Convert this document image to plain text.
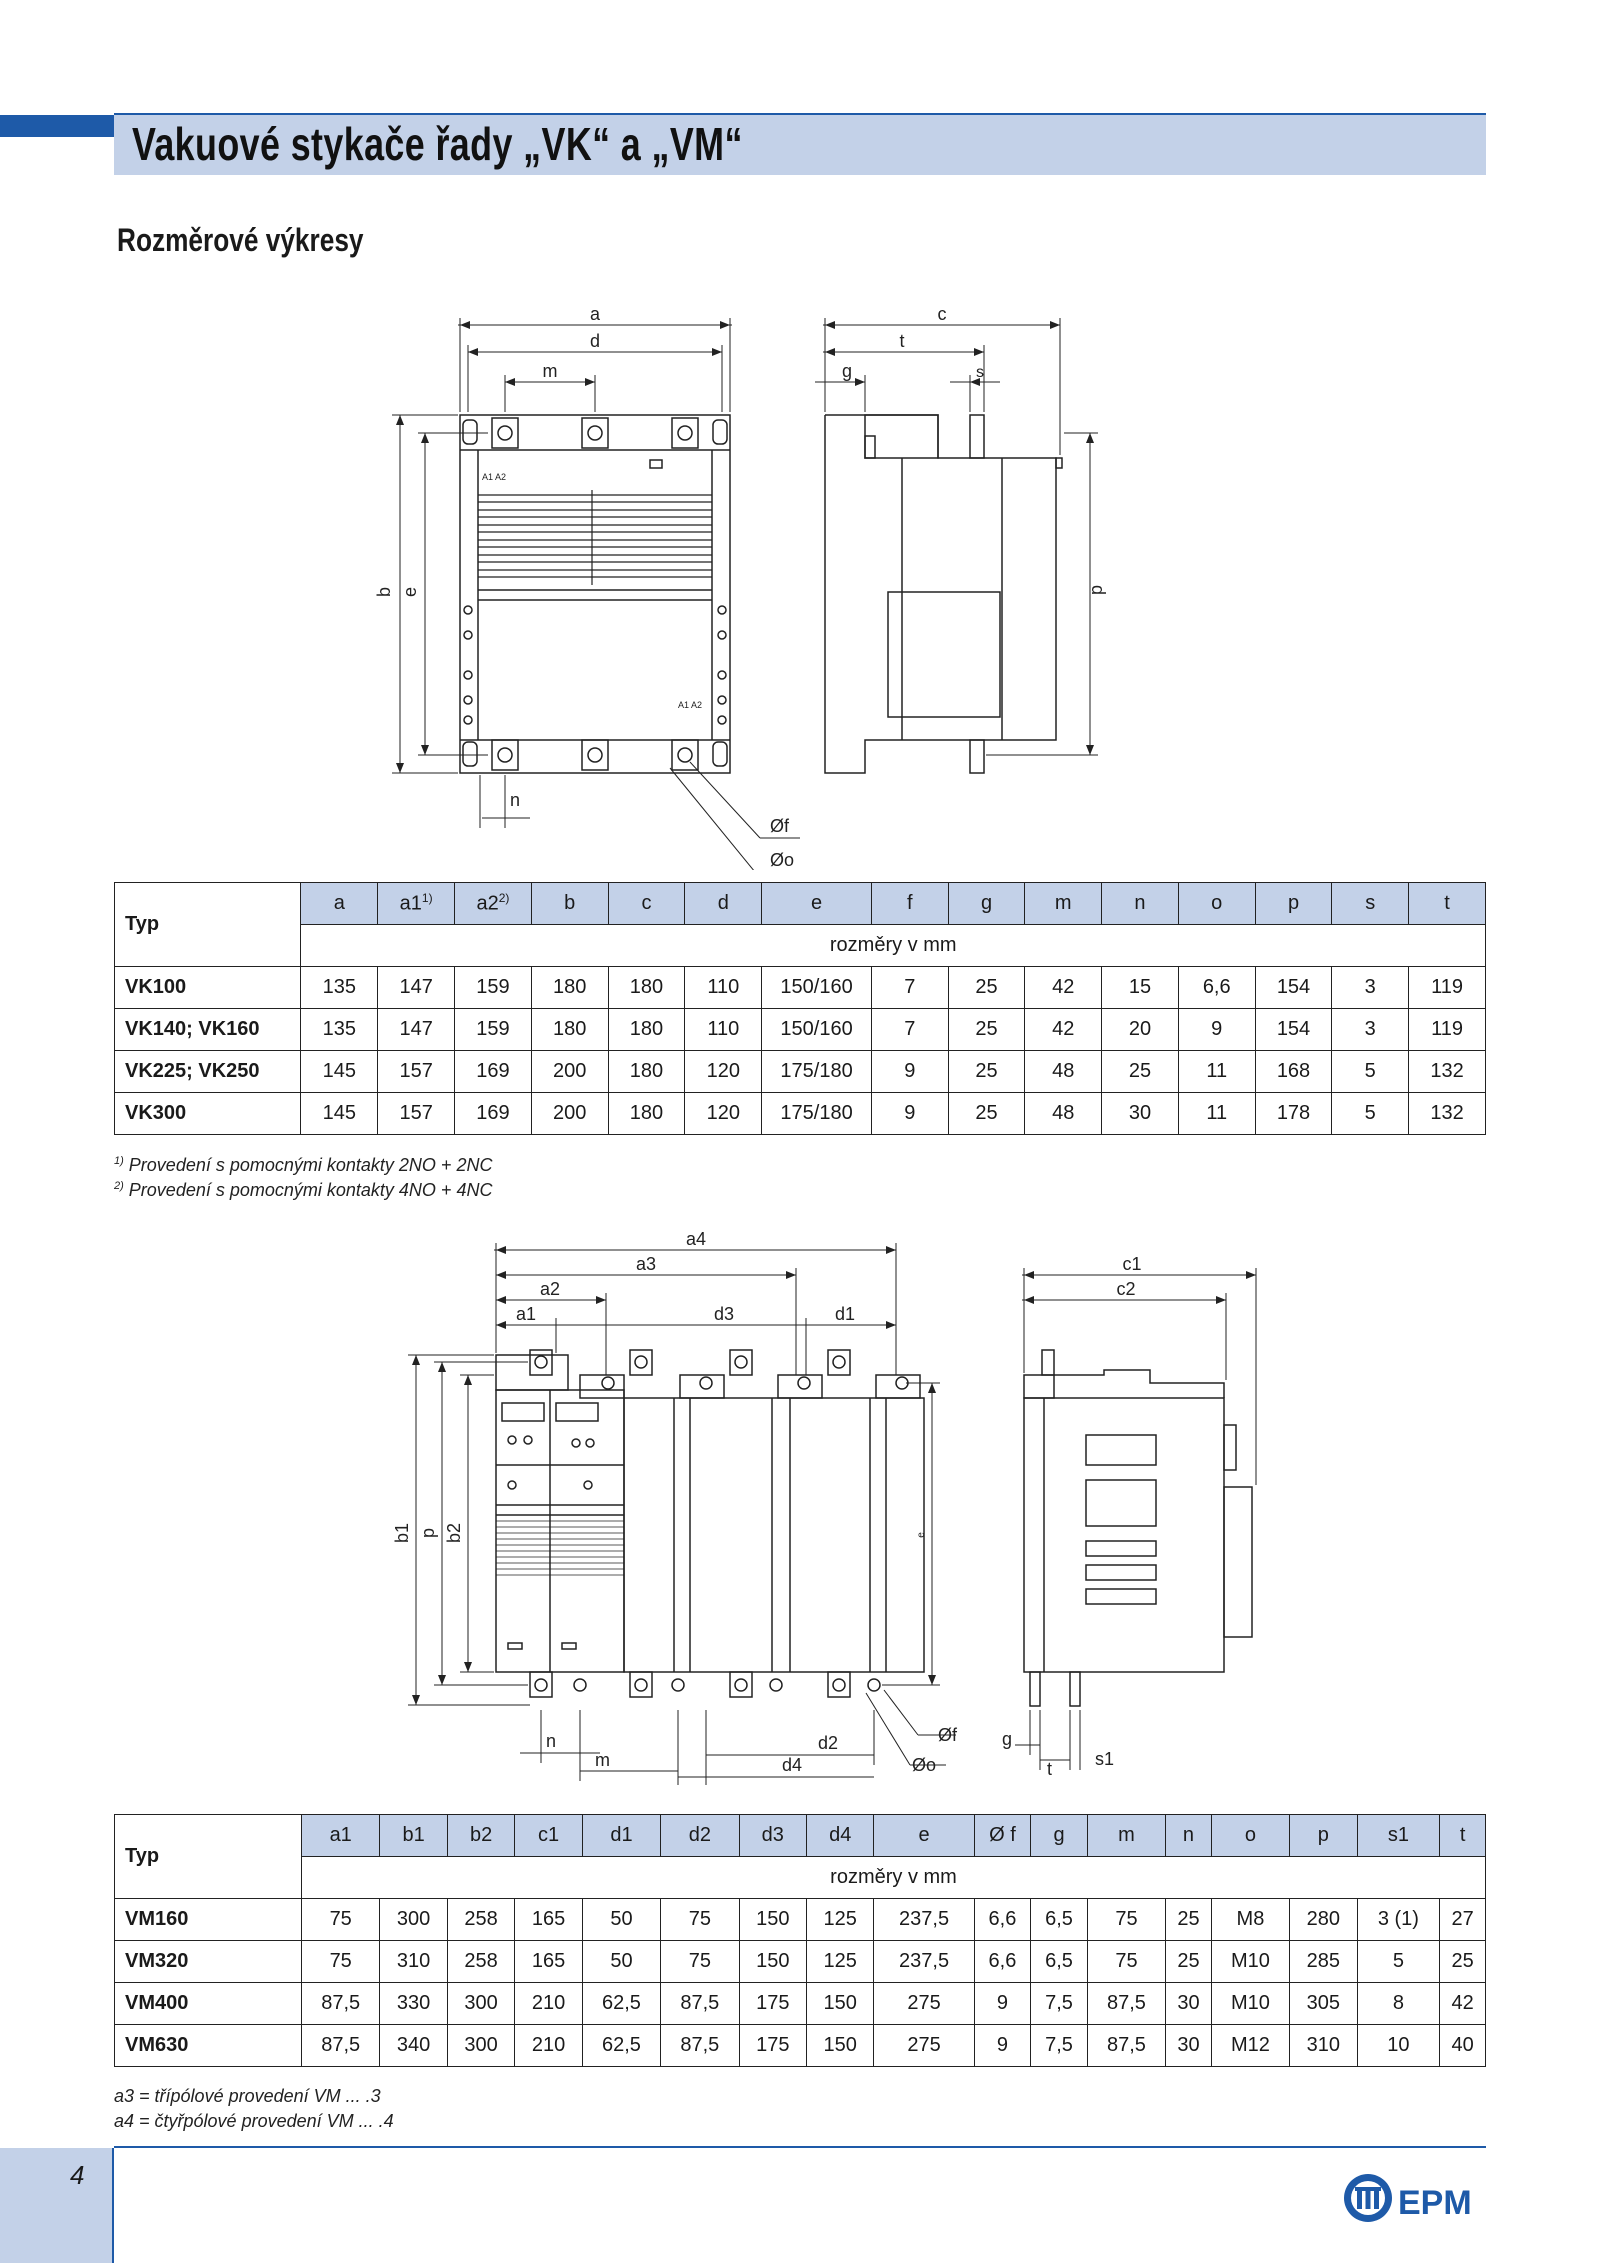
Vakuové stykače řady „VK“ a „VM“
Rozměrové výkresy
a
d
m
b e
n
Øf
Øo
A1 A2
A1 A2
c
t
g	s
p
Typ	a	a1$^{1)}$	a2$^{2)}$	b	c	d	e	f	g	m	n	o	p	s	t
	rozměry v mm														
VK100	135	147	159	180	180	110	150/160	7	25	42	15	6,6	154	3	119
VK140; VK160	135	147	159	180	180	110	150/160	7	25	42	20	9	154	3	119
VK225; VK250	145	157	169	200	180	120	175/180	9	25	48	25	11	168	5	132
VK300	145	157	169	200	180	120	175/180	9	25	48	30	11	178	5	132
$^{1)}$ Provedení s pomocnými kontakty 2NO + 2NC
$^{2)}$ Provedení s pomocnými kontakty 4NO + 4NC
a4
a3
a2
a1	d3	d1
b1 p b2	e
n
m
d2
d4
Øf
Øo
c1
c2
g
t s1
Typ	a1	b1	b2	c1	d1	d2	d3	d4	e	Ø f	g	m	n	o	p	s1	t
	rozměry v mm																
VM160	75	300	258	165	50	75	150	125	237,5	6,6	6,5	75	25	M8	280	3 (1)	27
VM320	75	310	258	165	50	75	150	125	237,5	6,6	6,5	75	25	M10	285	5	25
VM400	87,5	330	300	210	62,5	87,5	175	150	275	9	7,5	87,5	30	M10	305	8	42
VM630	87,5	340	300	210	62,5	87,5	175	150	275	9	7,5	87,5	30	M12	310	10	40
a3 = třípólové provedení VM ... .3
a4 = čtyřpólové provedení VM ... .4
4
EPM
